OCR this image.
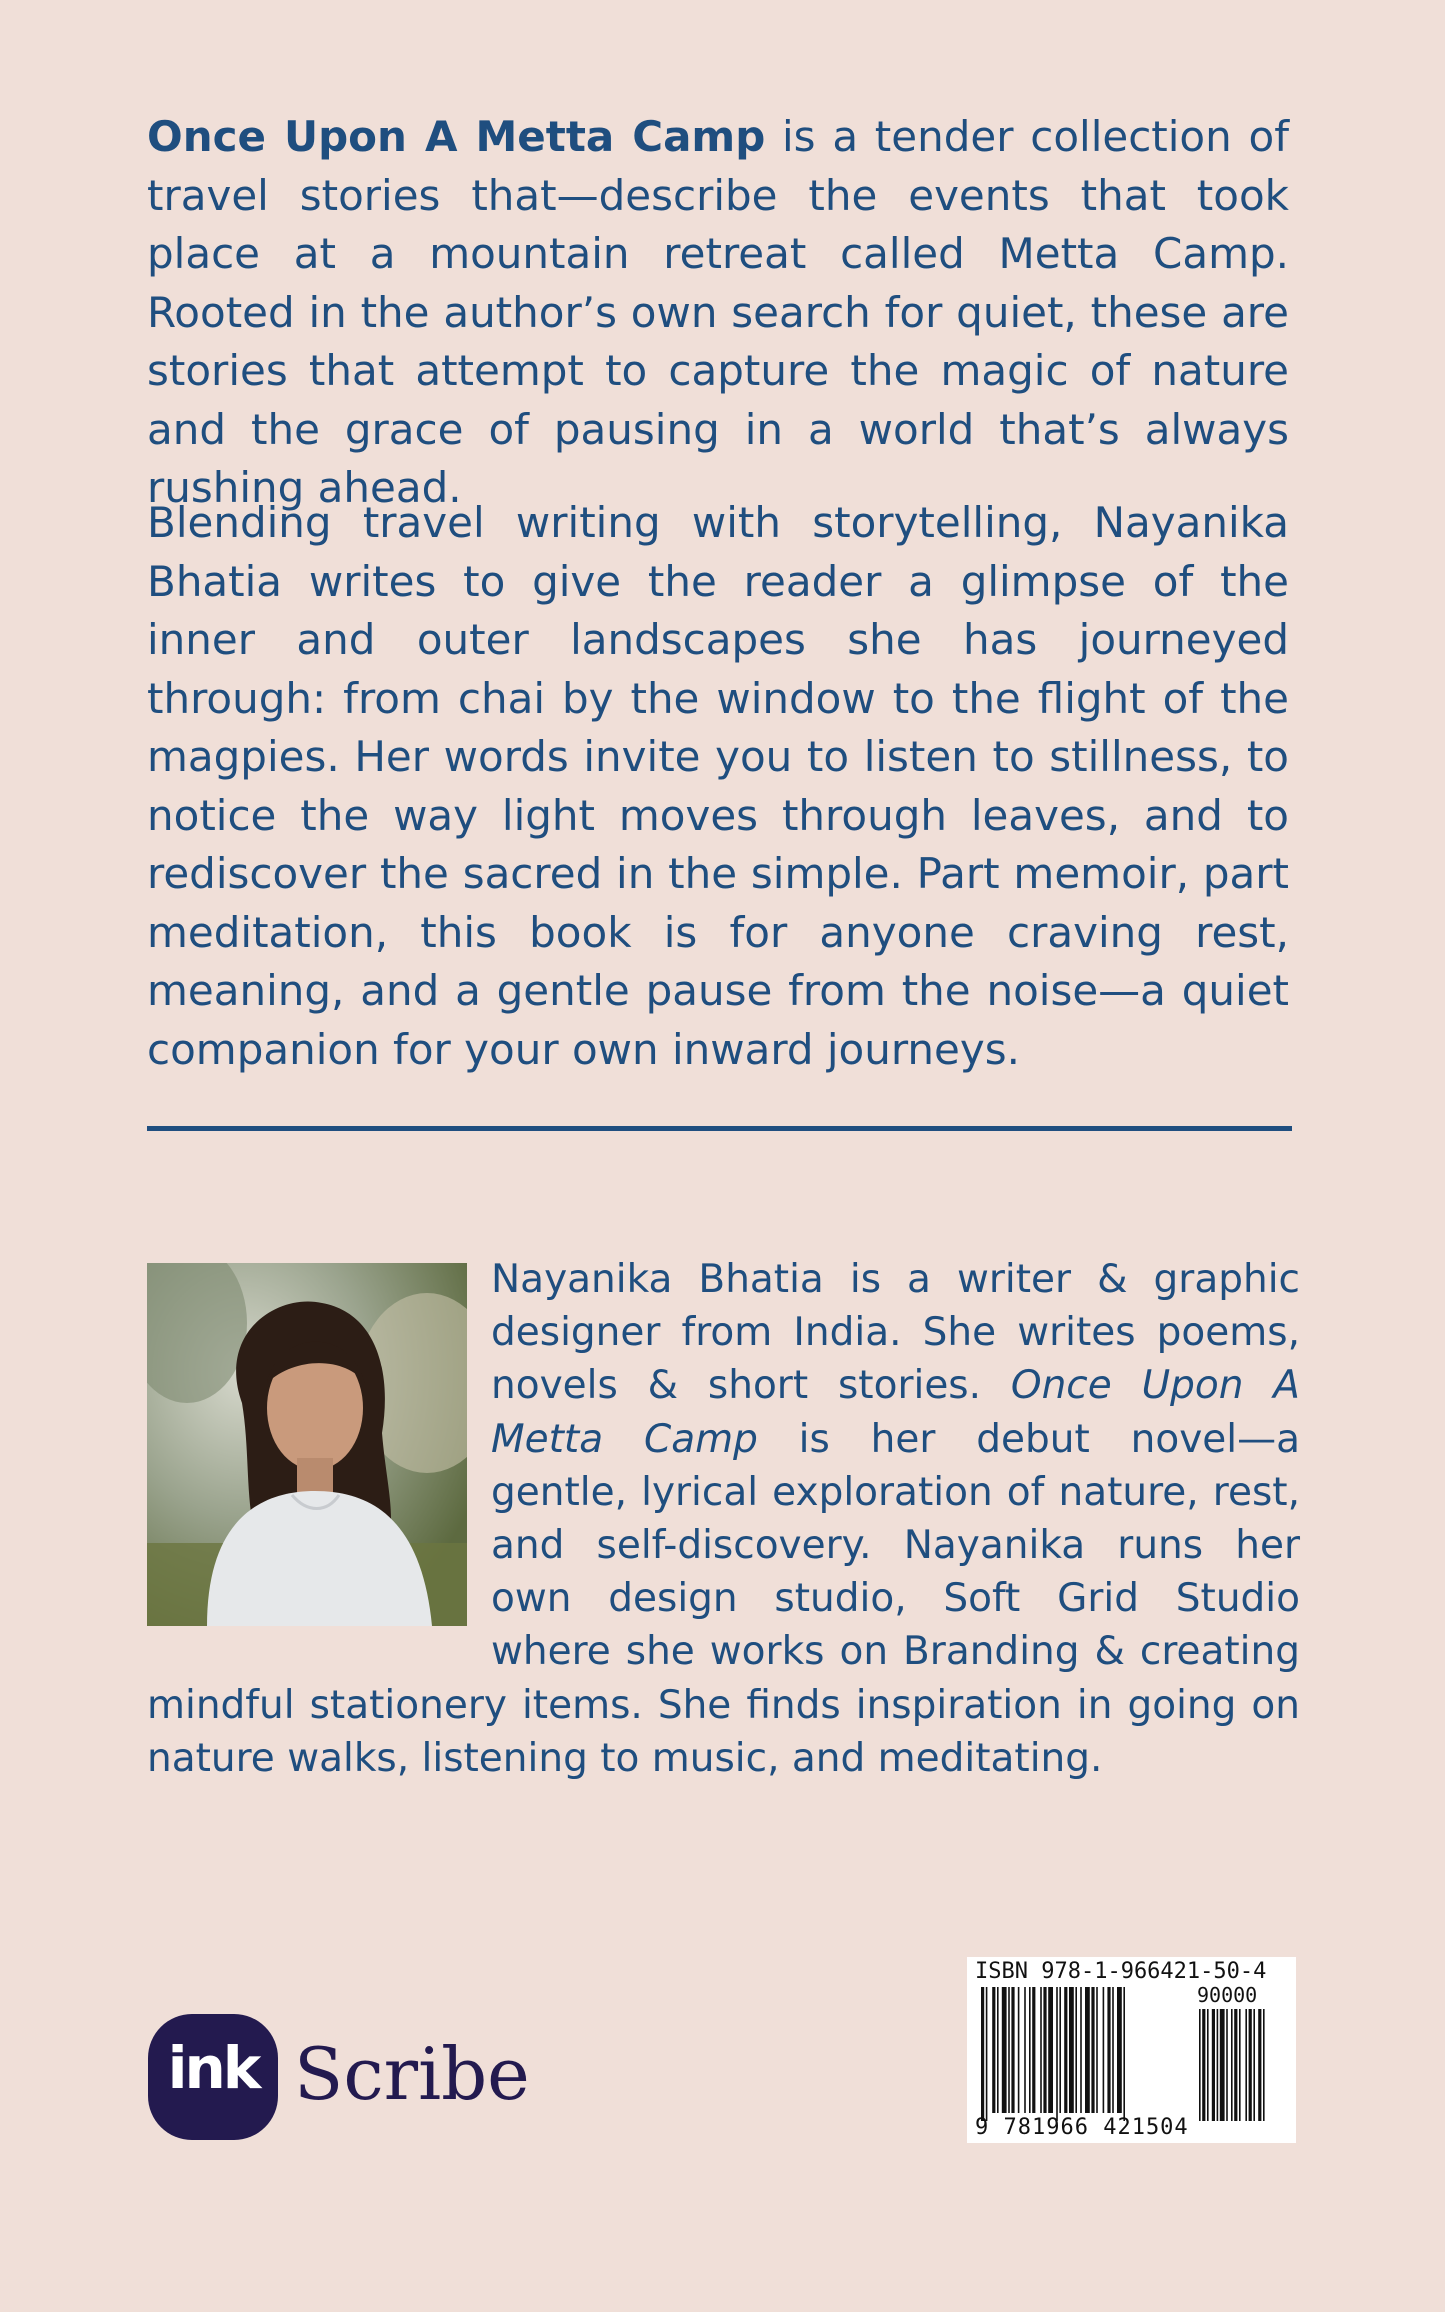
Once Upon A Metta Camp is a tender collection of travel stories that—describe the events that took place at a mountain retreat called Metta Camp. Rooted in the author’s own search for quiet, these are stories that attempt to capture the magic of nature and the grace of pausing in a world that’s always rushing ahead.

Blending travel writing with storytelling, Nayanika Bhatia writes to give the reader a glimpse of the inner and outer landscapes she has journeyed through: from chai by the window to the flight of the magpies. Her words invite you to listen to stillness, to notice the way light moves through leaves, and to rediscover the sacred in the simple. Part memoir, part meditation, this book is for anyone craving rest, meaning, and a gentle pause from the noise—a quiet companion for your own inward journeys.

Nayanika Bhatia is a writer & graphic designer from India. She writes poems, novels & short stories. Once Upon A Metta Camp is her debut novel—a gentle, lyrical exploration of nature, rest, and self-discovery. Nayanika runs her own design studio, Soft Grid Studio where she works on Branding & creating mindful stationery items. She finds inspiration in going on nature walks, listening to music, and meditating.
ISBN 978-1-966421-50-4
90000
9 781966 421504
ink Scribe
